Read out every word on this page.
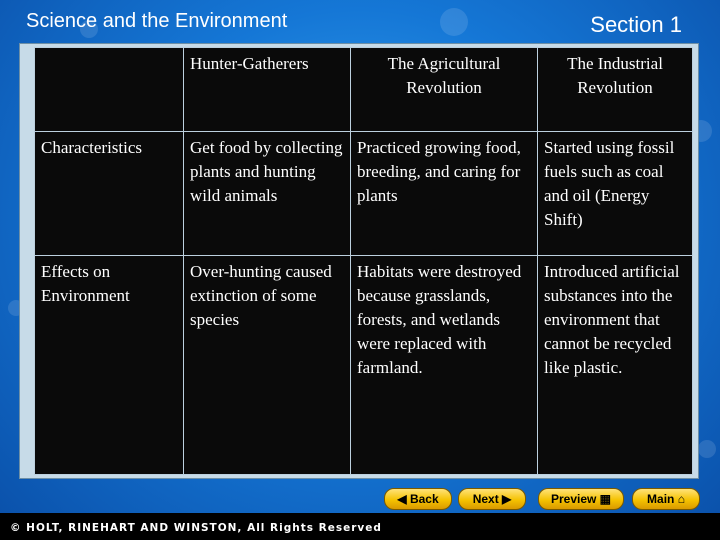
Science and the Environment	Section 1
	Hunter-Gatherers	The Agricultural Revolution	The Industrial Revolution
Characteristics	Get food by collecting plants and hunting wild animals	Practiced growing food, breeding, and caring for plants	Started using fossil fuels such as coal and oil (Energy Shift)
Effects on Environment	Over-hunting caused extinction of some species	Habitats were destroyed because grasslands, forests, and wetlands were replaced with farmland.	Introduced artificial substances into the environment that cannot be recycled like plastic.
◀ Back	Next ▶	Preview ▦	Main ⌂
© HOLT, RINEHART AND WINSTON, All Rights Reserved
